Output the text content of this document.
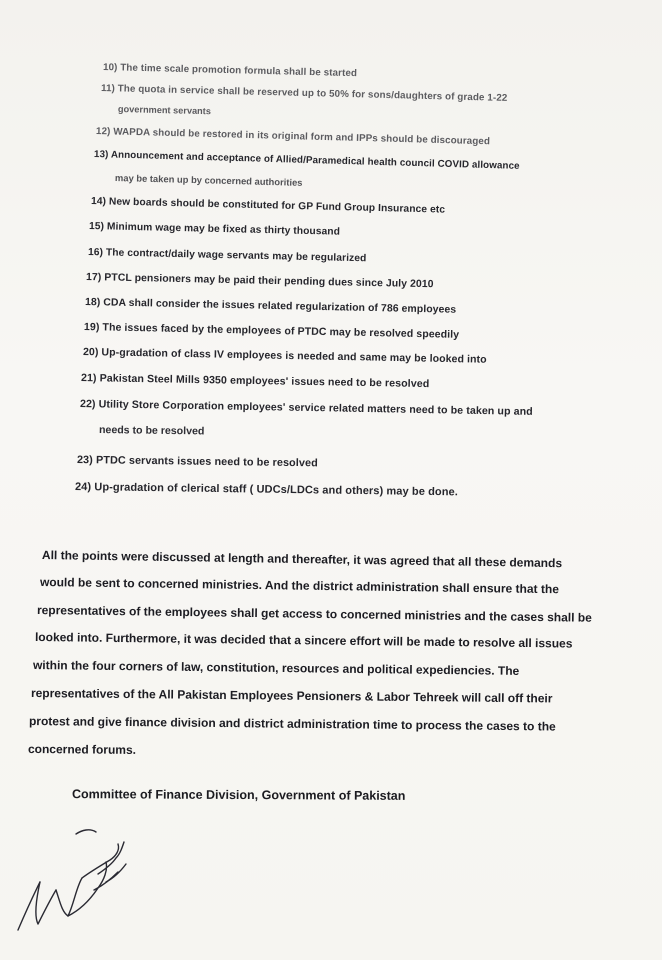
10) The time scale promotion formula shall be started
11) The quota in service shall be reserved up to 50% for sons/daughters of grade 1-22
government servants
12) WAPDA should be restored in its original form and IPPs should be discouraged
13) Announcement and acceptance of Allied/Paramedical health council COVID allowance
may be taken up by concerned authorities
14) New boards should be constituted for GP Fund Group Insurance etc
15) Minimum wage may be fixed as thirty thousand
16) The contract/daily wage servants may be regularized
17) PTCL pensioners may be paid their pending dues since July 2010
18) CDA shall consider the issues related regularization of 786 employees
19) The issues faced by the employees of PTDC may be resolved speedily
20) Up-gradation of class IV employees is needed and same may be looked into
21) Pakistan Steel Mills 9350 employees' issues need to be resolved
22) Utility Store Corporation employees' service related matters need to be taken up and
needs to be resolved
23) PTDC servants issues need to be resolved
24) Up-gradation of clerical staff ( UDCs/LDCs and others) may be done.
All the points were discussed at length and thereafter, it was agreed that all these demands
would be sent to concerned ministries. And the district administration shall ensure that the
representatives of the employees shall get access to concerned ministries and the cases shall be
looked into. Furthermore, it was decided that a sincere effort will be made to resolve all issues
within the four corners of law, constitution, resources and political expediencies. The
representatives of the All Pakistan Employees Pensioners & Labor Tehreek will call off their
protest and give finance division and district administration time to process the cases to the
concerned forums.
Committee of Finance Division, Government of Pakistan
